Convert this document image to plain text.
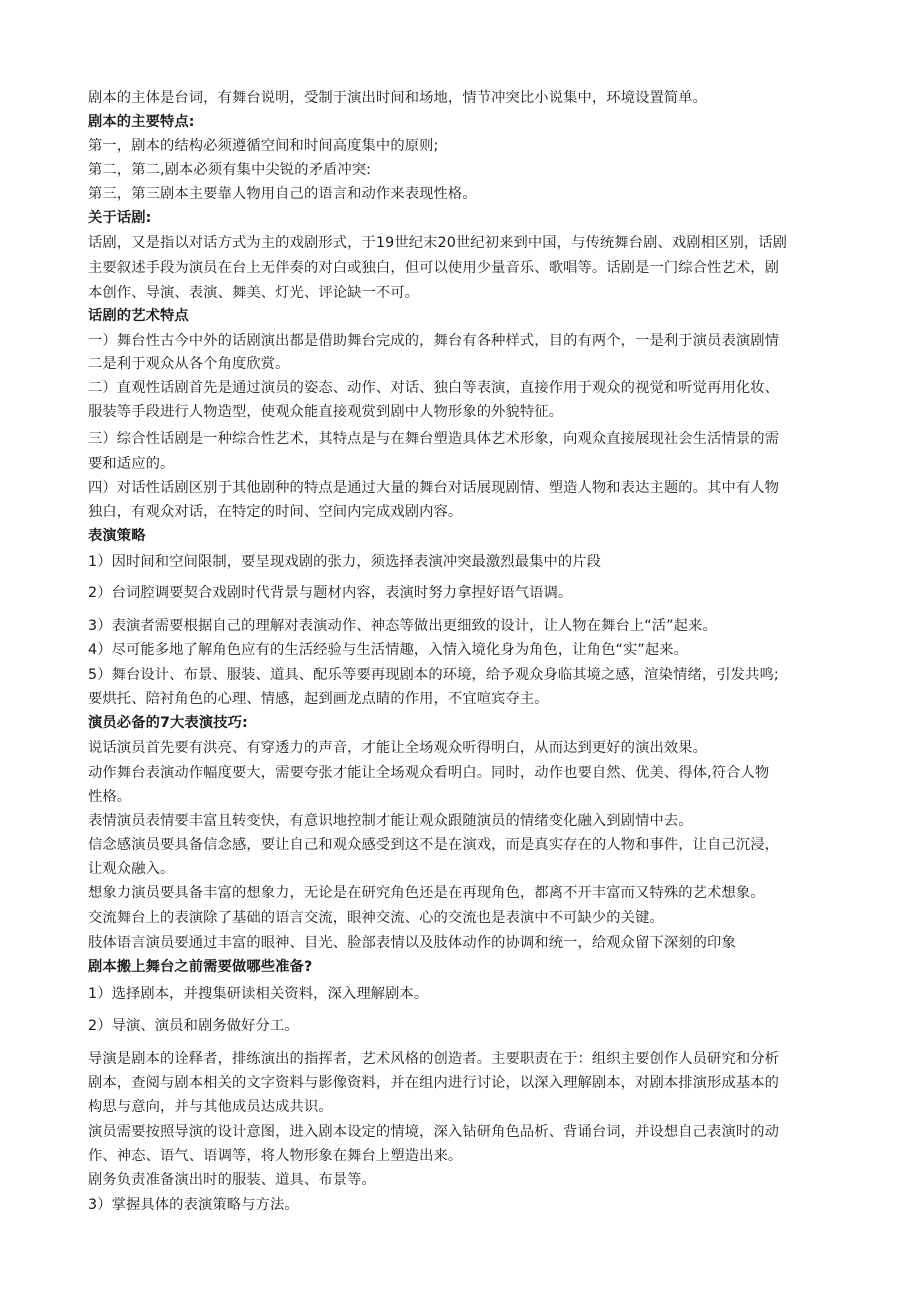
剧本的主体是台词，有舞台说明，受制于演出时间和场地，情节冲突比小说集中，环境设置简单。

剧本的主要特点:

第一，剧本的结构必须遵循空间和时间高度集中的原则;

第二，第二,剧本必须有集中尖锐的矛盾冲突:

第三，第三剧本主要靠人物用自己的语言和动作来表现性格。

关于话剧:

话剧，又是指以对话方式为主的戏剧形式，于19世纪末20世纪初来到中国，与传统舞台剧、戏剧相区别，话剧

主要叙述手段为演员在台上无伴奏的对白或独白，但可以使用少量音乐、歌唱等。话剧是一门综合性艺术，剧

本创作、导演、表演、舞美、灯光、评论缺一不可。

话剧的艺术特点

一）舞台性古今中外的话剧演出都是借助舞台完成的，舞台有各种样式，目的有两个，一是利于演员表演剧情

二是利于观众从各个角度欣赏。

二）直观性话剧首先是通过演员的姿态、动作、对话、独白等表演，直接作用于观众的视觉和听觉再用化妆、

服装等手段进行人物造型，使观众能直接观赏到剧中人物形象的外貌特征。

三）综合性话剧是一种综合性艺术，其特点是与在舞台塑造具体艺术形象，向观众直接展现社会生活情景的需

要和适应的。

四）对话性话剧区别于其他剧种的特点是通过大量的舞台对话展现剧情、塑造人物和表达主题的。其中有人物

独白，有观众对话，在特定的时间、空间内完成戏剧内容。

表演策略

1）因时间和空间限制，要呈现戏剧的张力，须选择表演冲突最激烈最集中的片段

2）台词腔调要契合戏剧时代背景与题材内容，表演时努力拿捏好语气语调。

3）表演者需要根据自己的理解对表演动作、神态等做出更细致的设计，让人物在舞台上“活”起来。

4）尽可能多地了解角色应有的生活经验与生活情趣，入情入境化身为角色，让角色“实”起来。

5）舞台设计、布景、服装、道具、配乐等要再现剧本的环境，给予观众身临其境之感，渲染情绪，引发共鸣;

要烘托、陪衬角色的心理、情感，起到画龙点睛的作用，不宜喧宾夺主。

演员必备的7大表演技巧:

说话演员首先要有洪亮、有穿透力的声音，才能让全场观众听得明白，从而达到更好的演出效果。

动作舞台表演动作幅度要大，需要夸张才能让全场观众看明白。同时，动作也要自然、优美、得体,符合人物

性格。

表情演员表情要丰富且转变快，有意识地控制才能让观众跟随演员的情绪变化融入到剧情中去。

信念感演员要具备信念感，要让自己和观众感受到这不是在演戏，而是真实存在的人物和事件，让自己沉浸，

让观众融入。

想象力演员要具备丰富的想象力，无论是在研究角色还是在再现角色，都离不开丰富而又特殊的艺术想象。

交流舞台上的表演除了基础的语言交流，眼神交流、心的交流也是表演中不可缺少的关键。

肢体语言演员要通过丰富的眼神、目光、脸部表情以及肢体动作的协调和统一，给观众留下深刻的印象

剧本搬上舞台之前需要做哪些准备?

1）选择剧本，并搜集研读相关资料，深入理解剧本。

2）导演、演员和剧务做好分工。

导演是剧本的诠释者，排练演出的指挥者，艺术风格的创造者。主要职责在于：组织主要创作人员研究和分析

剧本，查阅与剧本相关的文字资料与影像资料，并在组内进行讨论，以深入理解剧本，对剧本排演形成基本的

构思与意向，并与其他成员达成共识。

演员需要按照导演的设计意图，进入剧本设定的情境，深入钻研角色品析、背诵台词，并设想自己表演时的动

作、神态、语气、语调等，将人物形象在舞台上塑造出来。

剧务负责准备演出时的服装、道具、布景等。

3）掌握具体的表演策略与方法。
